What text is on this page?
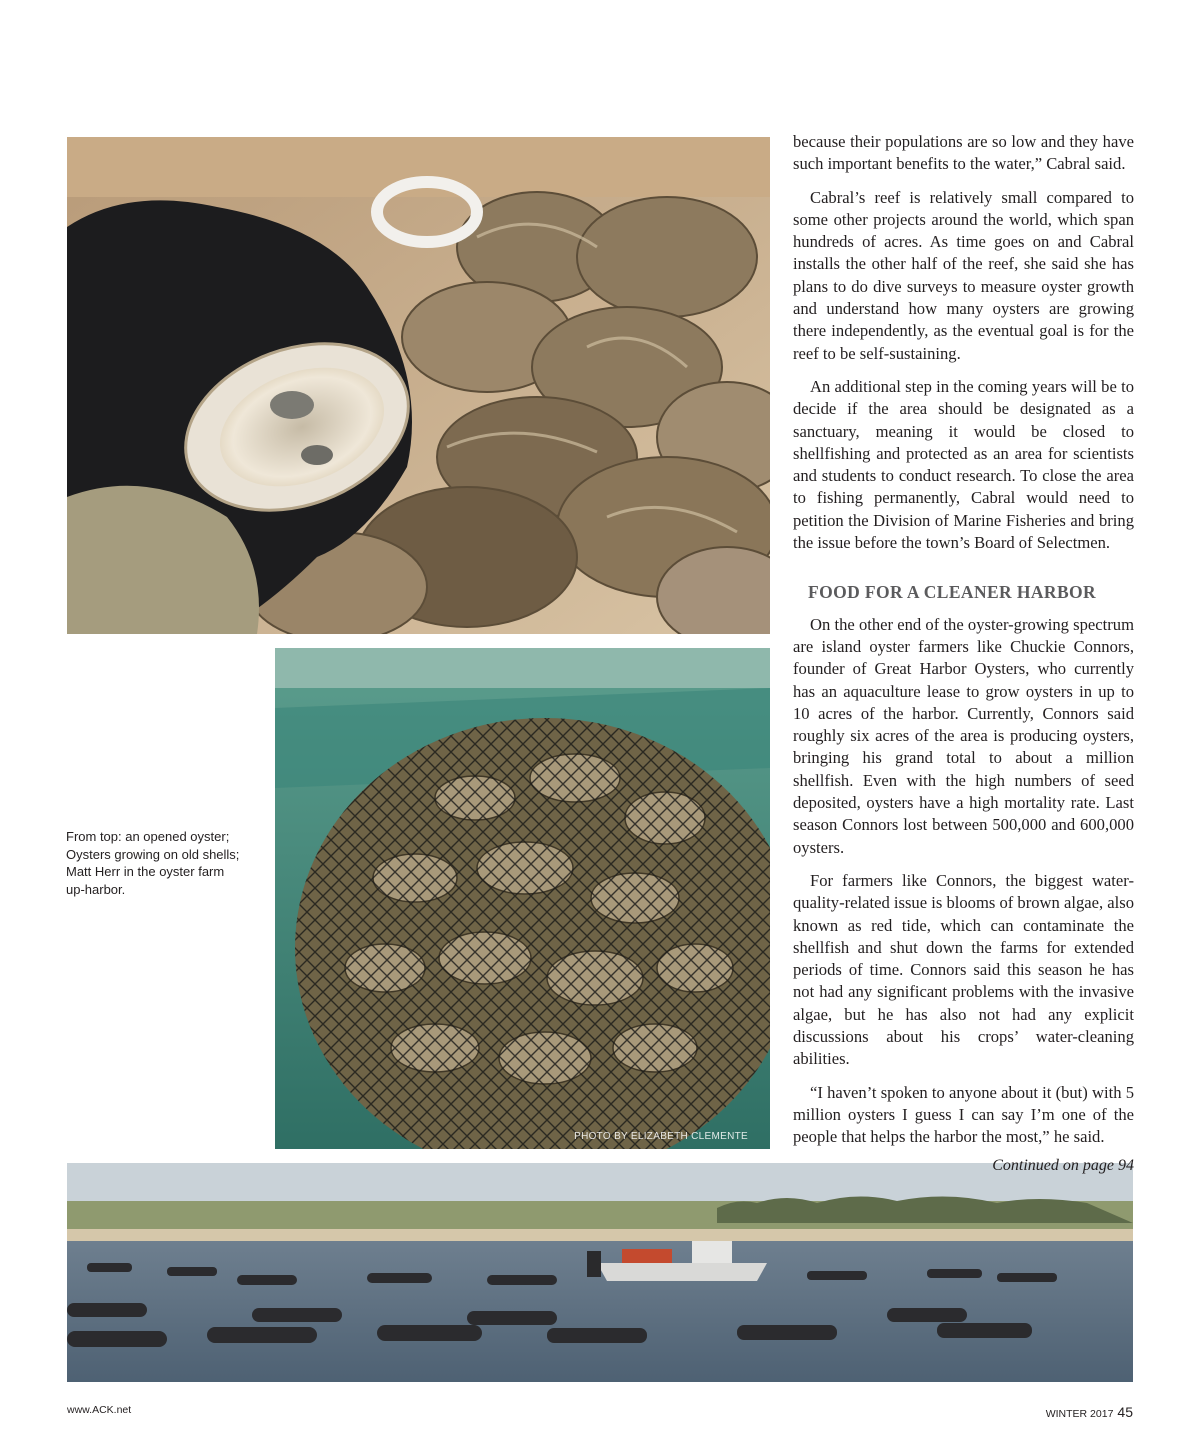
PHOTO BY ELIZABETH CLEMENTE
From top: an opened oyster; Oysters growing on old shells; Matt Herr in the oyster farm up-harbor.

because their populations are so low and they have such important benefits to the water,” Cabral said.

Cabral’s reef is relatively small compared to some other projects around the world, which span hundreds of acres. As time goes on and Cabral installs the other half of the reef, she said she has plans to do dive surveys to measure oyster growth and understand how many oysters are growing there independently, as the eventual goal is for the reef to be self-sustaining.

An additional step in the coming years will be to decide if the area should be designated as a sanctuary, meaning it would be closed to shellfishing and protected as an area for scientists and students to conduct research. To close the area to fishing permanently, Cabral would need to petition the Division of Marine Fisheries and bring the issue before the town’s Board of Selectmen.

FOOD FOR A CLEANER HARBOR

On the other end of the oyster-growing spectrum are island oyster farmers like Chuckie Connors, founder of Great Harbor Oysters, who currently has an aquaculture lease to grow oysters in up to 10 acres of the harbor. Currently, Connors said roughly six acres of the area is producing oysters, bringing his grand total to about a million shellfish. Even with the high numbers of seed deposited, oysters have a high mortality rate. Last season Connors lost between 500,000 and 600,000 oysters.

For farmers like Connors, the biggest water-quality-related issue is blooms of brown algae, also known as red tide, which can contaminate the shellfish and shut down the farms for extended periods of time. Connors said this season he has not had any significant problems with the invasive algae, but he has also not had any explicit discussions about his crops’ water-cleaning abilities.

“I haven’t spoken to anyone about it (but) with 5 million oysters I guess I can say I’m one of the people that helps the harbor the most,” he said.

Continued on page 94
www.ACK.net	WINTER 2017 45
